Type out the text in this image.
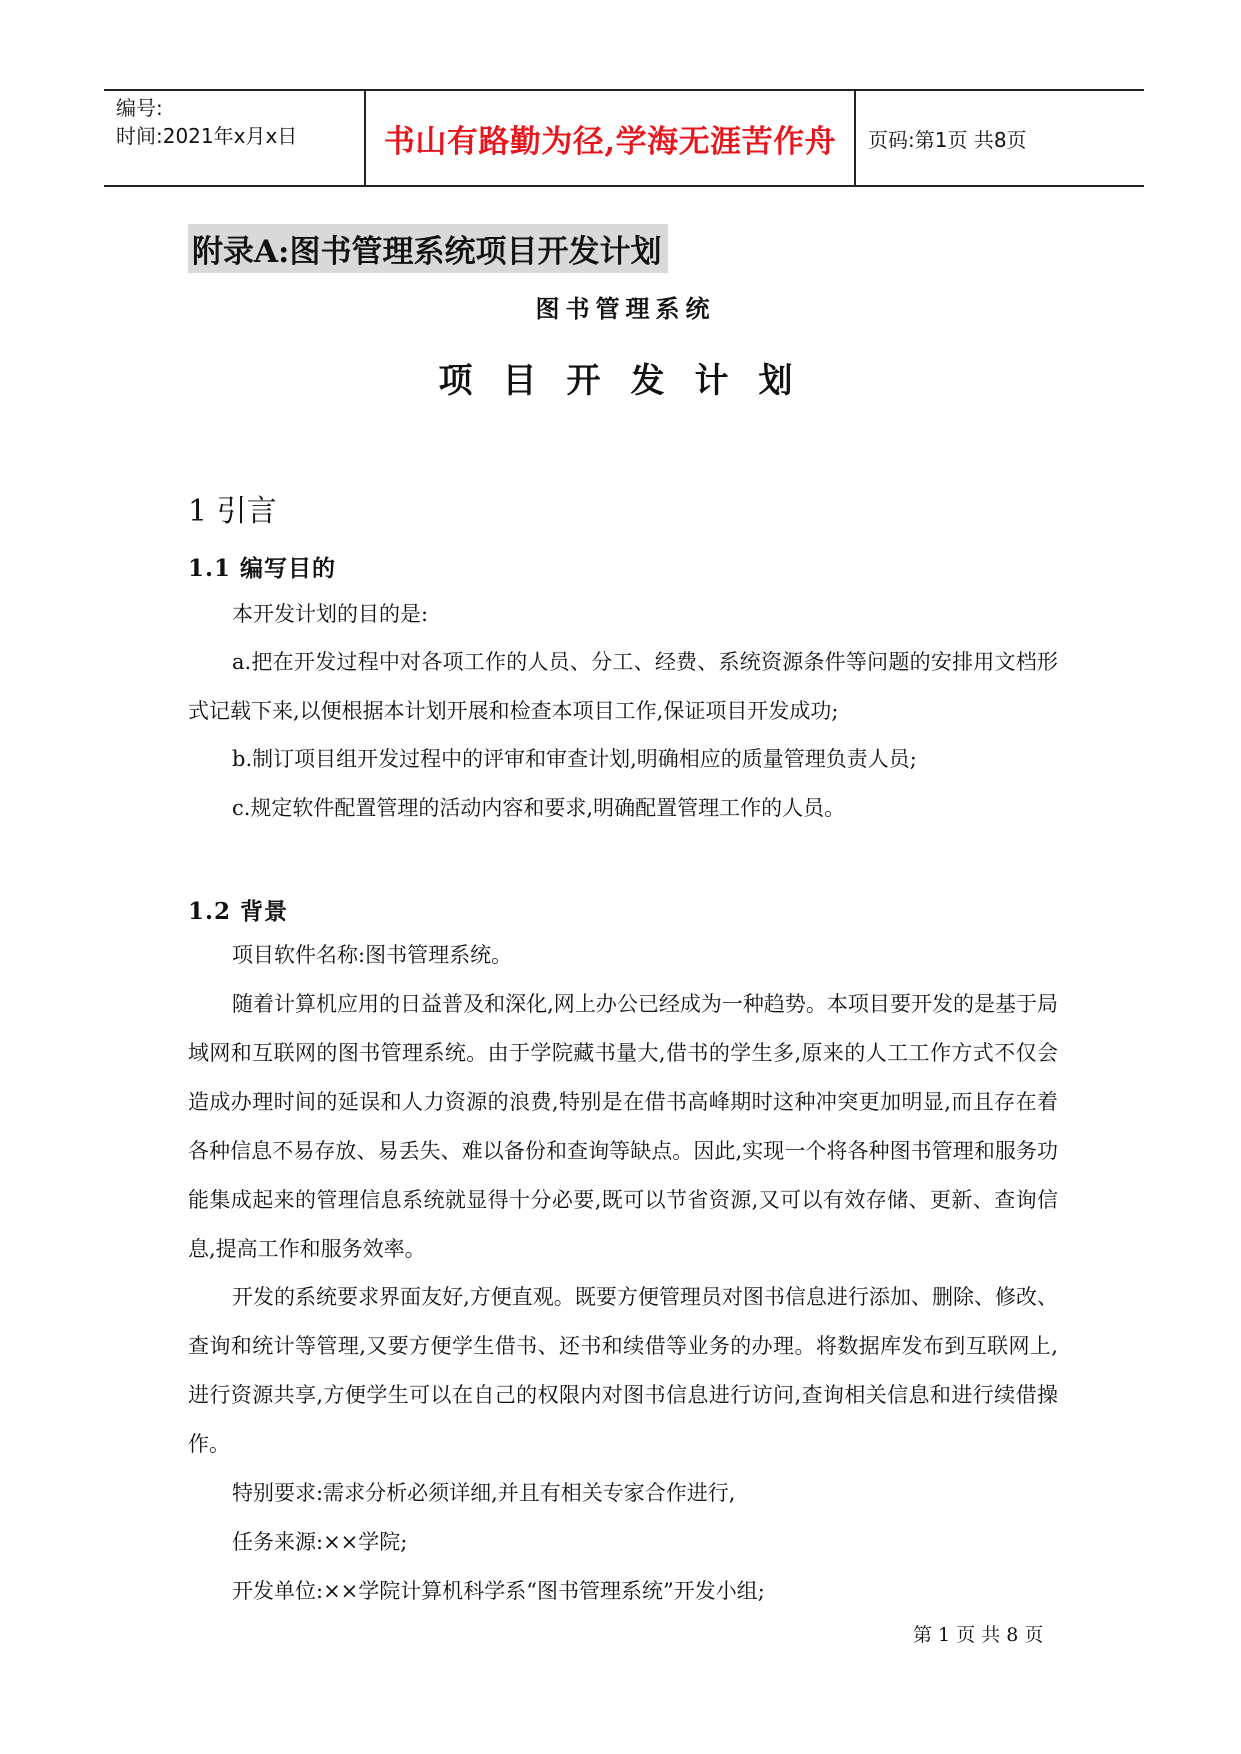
编号:
时间:2021年x月x日	书山有路勤为径,学海无涯苦作舟	页码:第1页 共8页
附录A:图书管理系统项目开发计划
图书管理系统
项目开发计划
1 引言
1.1 编写目的
本开发计划的目的是:
a.把在开发过程中对各项工作的人员、分工、经费、系统资源条件等问题的安排用文档形式记载下来,以便根据本计划开展和检查本项目工作,保证项目开发成功;
b.制订项目组开发过程中的评审和审查计划,明确相应的质量管理负责人员;
c.规定软件配置管理的活动内容和要求,明确配置管理工作的人员。
1.2 背景
项目软件名称:图书管理系统。
随着计算机应用的日益普及和深化,网上办公已经成为一种趋势。本项目要开发的是基于局域网和互联网的图书管理系统。由于学院藏书量大,借书的学生多,原来的人工工作方式不仅会造成办理时间的延误和人力资源的浪费,特别是在借书高峰期时这种冲突更加明显,而且存在着各种信息不易存放、易丢失、难以备份和查询等缺点。因此,实现一个将各种图书管理和服务功能集成起来的管理信息系统就显得十分必要,既可以节省资源,又可以有效存储、更新、查询信息,提高工作和服务效率。
开发的系统要求界面友好,方便直观。既要方便管理员对图书信息进行添加、删除、修改、查询和统计等管理,又要方便学生借书、还书和续借等业务的办理。将数据库发布到互联网上,进行资源共享,方便学生可以在自己的权限内对图书信息进行访问,查询相关信息和进行续借操作。
特别要求:需求分析必须详细,并且有相关专家合作进行,
任务来源:××学院;
开发单位:××学院计算机科学系“图书管理系统”开发小组;
第 1 页 共 8 页
